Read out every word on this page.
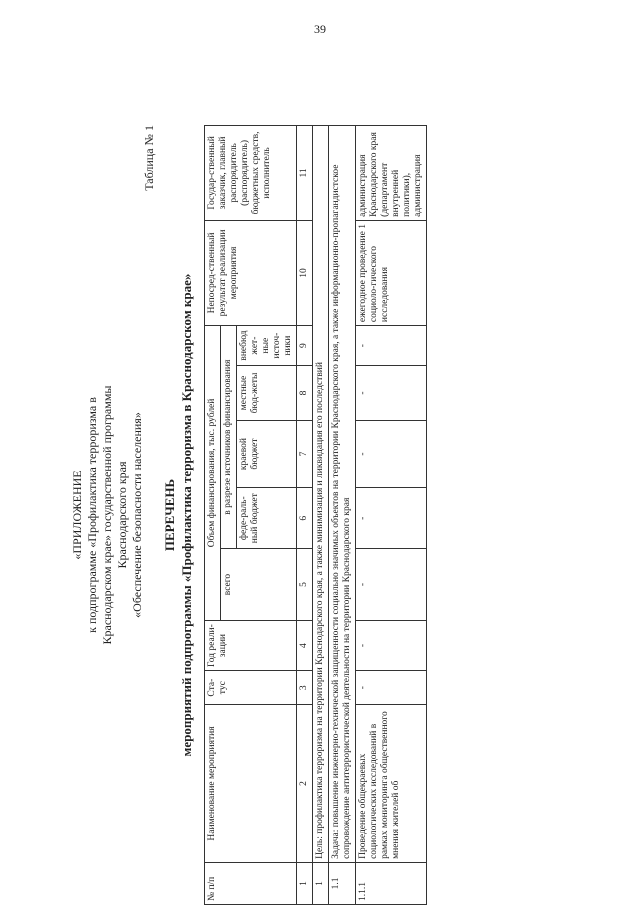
39
«ПРИЛОЖЕНИЕ к подпрограмме «Профилактика терроризма в Краснодарском крае» государственной программы Краснодарского края «Обеспечение безопасности населения»
Таблица № 1
ПЕРЕЧЕНЬ мероприятий подпрограммы «Профилактика терроризма в Краснодарском крае»
№ п/п	Наименование мероприятия	Ста-тус	Год реали-зации	Объем финансирования, тыс. рублей					Непосред-ственный результат реализации мероприятия	Государ-ственный заказчик, главный распорядитель (распорядитель) бюджетных средств, исполнитель
				всего	в разрезе источников финансирования					
					феде-раль-ный бюджет	краевой бюджет	местные бюд-жеты	внебюд жет-ные источ-ники		
1	2	3	4	5	6	7	8	9	10	11
1	Цель: профилактика терроризма на территории Краснодарского края, а также минимизация и ликвидация его последствий									
1.1	Задача: повышение инженерно-технической защищенности социально значимых объектов на территории Краснодарского края, а также информационно-пропагандистское сопровождение антитеррористической деятельности на территории Краснодарского края									
1.1.1	Проведение общекраевых социологических исследований в рамках мониторинга общественного мнения жителей об	-	-	-	-	-	-	-	ежегодное проведение 1 социоло-гического исследования	администрация Краснодарского края (департамент внутренней политики), администрация
